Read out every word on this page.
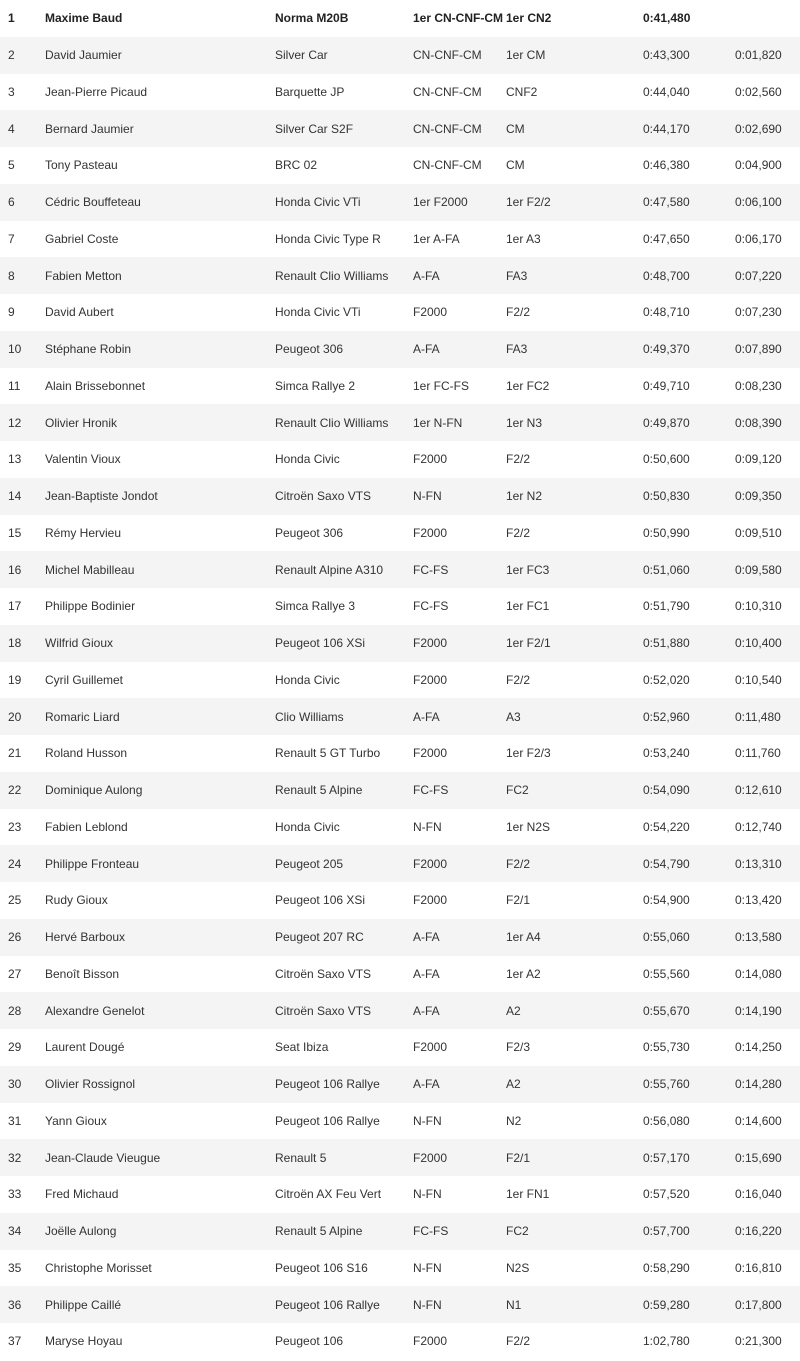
1	Maxime Baud	Norma M20B	1er CN-CNF-CM	1er CN2	0:41,480	
2	David Jaumier	Silver Car	CN-CNF-CM	1er CM	0:43,300	0:01,820
3	Jean-Pierre Picaud	Barquette JP	CN-CNF-CM	CNF2	0:44,040	0:02,560
4	Bernard Jaumier	Silver Car S2F	CN-CNF-CM	CM	0:44,170	0:02,690
5	Tony Pasteau	BRC 02	CN-CNF-CM	CM	0:46,380	0:04,900
6	Cédric Bouffeteau	Honda Civic VTi	1er F2000	1er F2/2	0:47,580	0:06,100
7	Gabriel Coste	Honda Civic Type R	1er A-FA	1er A3	0:47,650	0:06,170
8	Fabien Metton	Renault Clio Williams	A-FA	FA3	0:48,700	0:07,220
9	David Aubert	Honda Civic VTi	F2000	F2/2	0:48,710	0:07,230
10	Stéphane Robin	Peugeot 306	A-FA	FA3	0:49,370	0:07,890
11	Alain Brissebonnet	Simca Rallye 2	1er FC-FS	1er FC2	0:49,710	0:08,230
12	Olivier Hronik	Renault Clio Williams	1er N-FN	1er N3	0:49,870	0:08,390
13	Valentin Vioux	Honda Civic	F2000	F2/2	0:50,600	0:09,120
14	Jean-Baptiste Jondot	Citroën Saxo VTS	N-FN	1er N2	0:50,830	0:09,350
15	Rémy Hervieu	Peugeot 306	F2000	F2/2	0:50,990	0:09,510
16	Michel Mabilleau	Renault Alpine A310	FC-FS	1er FC3	0:51,060	0:09,580
17	Philippe Bodinier	Simca Rallye 3	FC-FS	1er FC1	0:51,790	0:10,310
18	Wilfrid Gioux	Peugeot 106 XSi	F2000	1er F2/1	0:51,880	0:10,400
19	Cyril Guillemet	Honda Civic	F2000	F2/2	0:52,020	0:10,540
20	Romaric Liard	Clio Williams	A-FA	A3	0:52,960	0:11,480
21	Roland Husson	Renault 5 GT Turbo	F2000	1er F2/3	0:53,240	0:11,760
22	Dominique Aulong	Renault 5 Alpine	FC-FS	FC2	0:54,090	0:12,610
23	Fabien Leblond	Honda Civic	N-FN	1er N2S	0:54,220	0:12,740
24	Philippe Fronteau	Peugeot 205	F2000	F2/2	0:54,790	0:13,310
25	Rudy Gioux	Peugeot 106 XSi	F2000	F2/1	0:54,900	0:13,420
26	Hervé Barboux	Peugeot 207 RC	A-FA	1er A4	0:55,060	0:13,580
27	Benoît Bisson	Citroën Saxo VTS	A-FA	1er A2	0:55,560	0:14,080
28	Alexandre Genelot	Citroën Saxo VTS	A-FA	A2	0:55,670	0:14,190
29	Laurent Dougé	Seat Ibiza	F2000	F2/3	0:55,730	0:14,250
30	Olivier Rossignol	Peugeot 106 Rallye	A-FA	A2	0:55,760	0:14,280
31	Yann Gioux	Peugeot 106 Rallye	N-FN	N2	0:56,080	0:14,600
32	Jean-Claude Vieugue	Renault 5	F2000	F2/1	0:57,170	0:15,690
33	Fred Michaud	Citroën AX Feu Vert	N-FN	1er FN1	0:57,520	0:16,040
34	Joëlle Aulong	Renault 5 Alpine	FC-FS	FC2	0:57,700	0:16,220
35	Christophe Morisset	Peugeot 106 S16	N-FN	N2S	0:58,290	0:16,810
36	Philippe Caillé	Peugeot 106 Rallye	N-FN	N1	0:59,280	0:17,800
37	Maryse Hoyau	Peugeot 106	F2000	F2/2	1:02,780	0:21,300
